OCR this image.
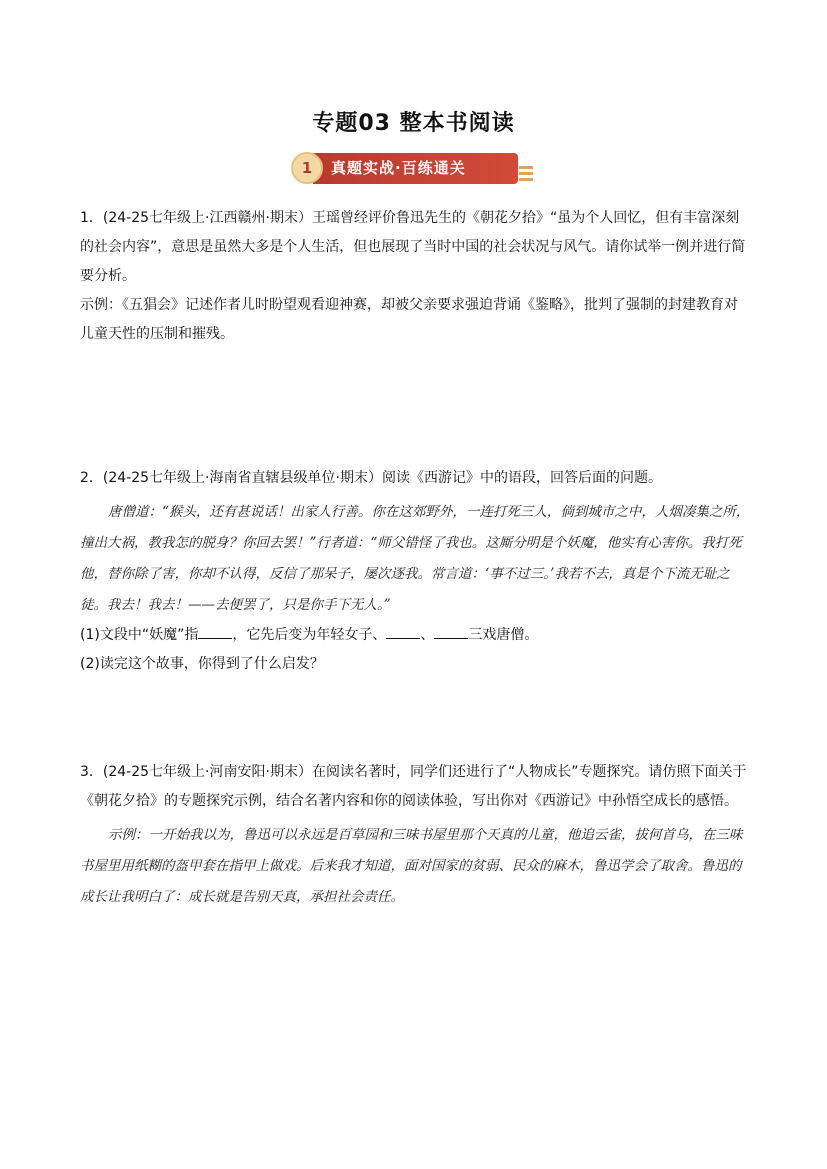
专题03 整本书阅读
真题实战·百练通关
1

1．(24-25七年级上·江西赣州·期末）王瑶曾经评价鲁迅先生的《朝花夕拾》“虽为个人回忆，但有丰富深刻的社会内容”，意思是虽然大多是个人生活，但也展现了当时中国的社会状况与风气。请你试举一例并进行简要分析。

示例：《五猖会》记述作者儿时盼望观看迎神赛，却被父亲要求强迫背诵《鉴略》，批判了强制的封建教育对儿童天性的压制和摧残。

2．(24-25七年级上·海南省直辖县级单位·期末）阅读《西游记》中的语段，回答后面的问题。

唐僧道：“猴头，还有甚说话！出家人行善。你在这郊野外，一连打死三人，倘到城市之中，人烟凑集之所，撞出大祸，教我怎的脱身？你回去罢！”行者道：“师父错怪了我也。这厮分明是个妖魔，他实有心害你。我打死他，替你除了害，你却不认得，反信了那呆子，屡次逐我。常言道：‘事不过三。’我若不去，真是个下流无耻之徒。我去！我去！——去便罢了，只是你手下无人。”

(1)文段中“妖魔”指 ，它先后变为年轻女子、 、 三戏唐僧。

(2)读完这个故事，你得到了什么启发？

3．(24-25七年级上·河南安阳·期末）在阅读名著时，同学们还进行了“人物成长”专题探究。请仿照下面关于《朝花夕拾》的专题探究示例，结合名著内容和你的阅读体验，写出你对《西游记》中孙悟空成长的感悟。

示例：一开始我以为，鲁迅可以永远是百草园和三味书屋里那个天真的儿童，他追云雀，拔何首乌，在三味书屋里用纸糊的盔甲套在指甲上做戏。后来我才知道，面对国家的贫弱、民众的麻木，鲁迅学会了取舍。鲁迅的成长让我明白了：成长就是告别天真，承担社会责任。
